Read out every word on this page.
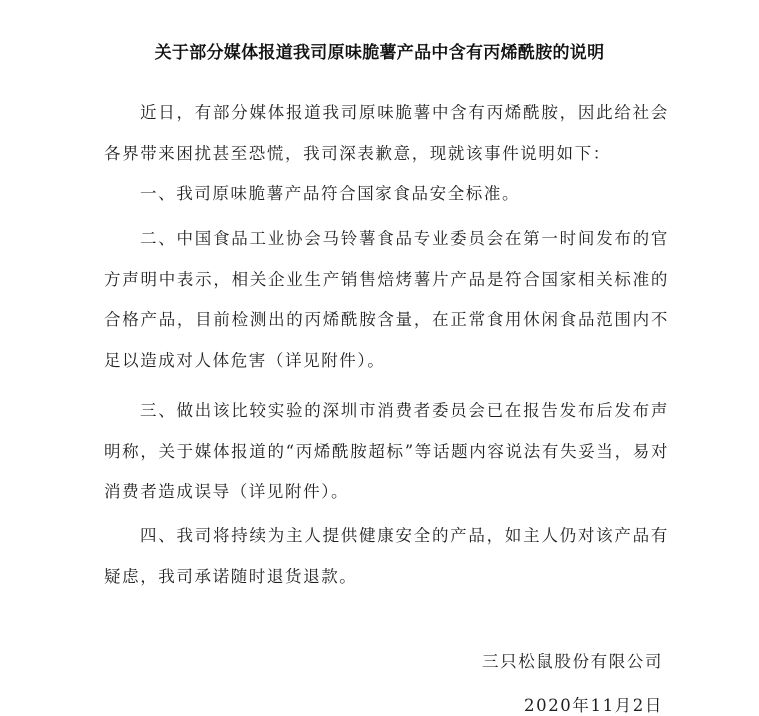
关于部分媒体报道我司原味脆薯产品中含有丙烯酰胺的说明

近日，有部分媒体报道我司原味脆薯中含有丙烯酰胺，因此给社会各界带来困扰甚至恐慌，我司深表歉意，现就该事件说明如下：

一、我司原味脆薯产品符合国家食品安全标准。

二、中国食品工业协会马铃薯食品专业委员会在第一时间发布的官方声明中表示，相关企业生产销售焙烤薯片产品是符合国家相关标准的合格产品，目前检测出的丙烯酰胺含量，在正常食用休闲食品范围内不足以造成对人体危害（详见附件）。

三、做出该比较实验的深圳市消费者委员会已在报告发布后发布声明称，关于媒体报道的“丙烯酰胺超标”等话题内容说法有失妥当，易对消费者造成误导（详见附件）。

四、我司将持续为主人提供健康安全的产品，如主人仍对该产品有疑虑，我司承诺随时退货退款。

三只松鼠股份有限公司
2020年11月2日
